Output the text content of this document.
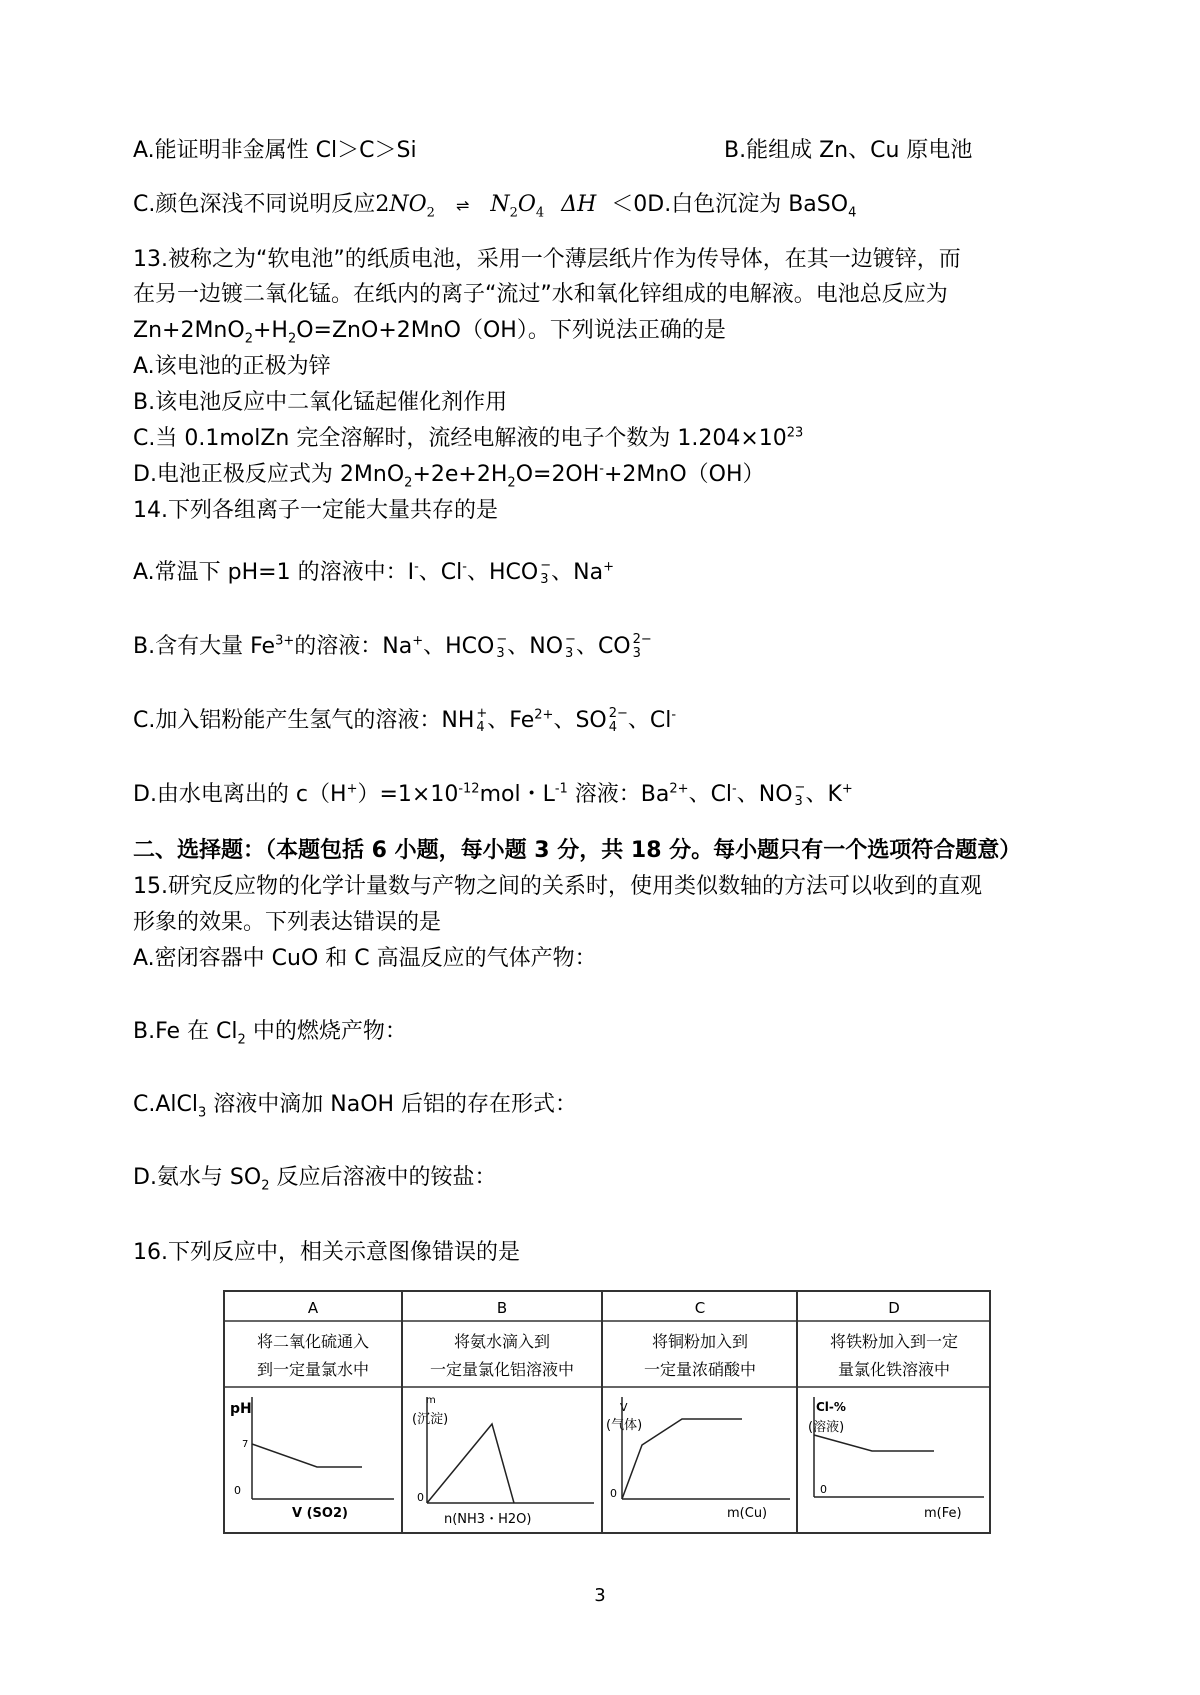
A.能证明非金属性 Cl＞C＞Si	B.能组成 Zn、Cu 原电池
C.颜色深浅不同说明反应$2NO_2$ ⇌ $N_2O_4$ ΔH ＜0D.白色沉淀为 BaSO$_4$
13.被称之为“软电池”的纸质电池，采用一个薄层纸片作为传导体，在其一边镀锌，而
在另一边镀二氧化锰。在纸内的离子“流过”水和氧化锌组成的电解液。电池总反应为
$Zn+2MnO_2+H_2O=ZnO+2MnO(OH)$。下列说法正确的是
A.该电池的正极为锌
B.该电池反应中二氧化锰起催化剂作用
C.当 0.1molZn 完全溶解时，流经电解液的电子个数为 $1.204\times 10^{23}$
D.电池正极反应式为 $2MnO_2+2e+2H_2O=2OH^-+2MnO(OH)$
14.下列各组离子一定能大量共存的是
A.常温下 pH=1 的溶液中：I-、Cl-、HCO −
3 、Na+
B.含有大量 $Fe^{3+}$的溶液：Na+、HCO −
3 、NO −
3 、CO 2−
3
C.加入铝粉能产生氢气的溶液：NH +
4 、$Fe^{2+}$、SO 2−
4 、Cl-
D.由水电离出的 $c(H^+)=1\times 10^{-12}mol$・$L^{-1}$ 溶液：$Ba^{2+}$、Cl-、NO −
3 、K+
二、选择题：（本题包括 6 小题，每小题 3 分，共 18 分。每小题只有一个选项符合题意）
15.研究反应物的化学计量数与产物之间的关系时，使用类似数轴的方法可以收到的直观
形象的效果。下列表达错误的是
A.密闭容器中 CuO 和 C 高温反应的气体产物：
B.Fe 在 $Cl_2$ 中的燃烧产物：
C.AlCl$_3$ 溶液中滴加 NaOH 后铝的存在形式：
D.氨水与 $SO_2$ 反应后溶液中的铵盐：
16.下列反应中，相关示意图像错误的是
A
将二氧化硫通入
到一定量氯水中
pH
7
0
V (SO2)
B
将氨水滴入到
一定量氯化铝溶液中
m
(沉淀)
0
n(NH3・H2O)
C
将铜粉加入到
一定量浓硝酸中
V
(气体)
0
m(Cu)
D
将铁粉加入到一定
量氯化铁溶液中
Cl-%
(溶液)
0
m(Fe)
3
